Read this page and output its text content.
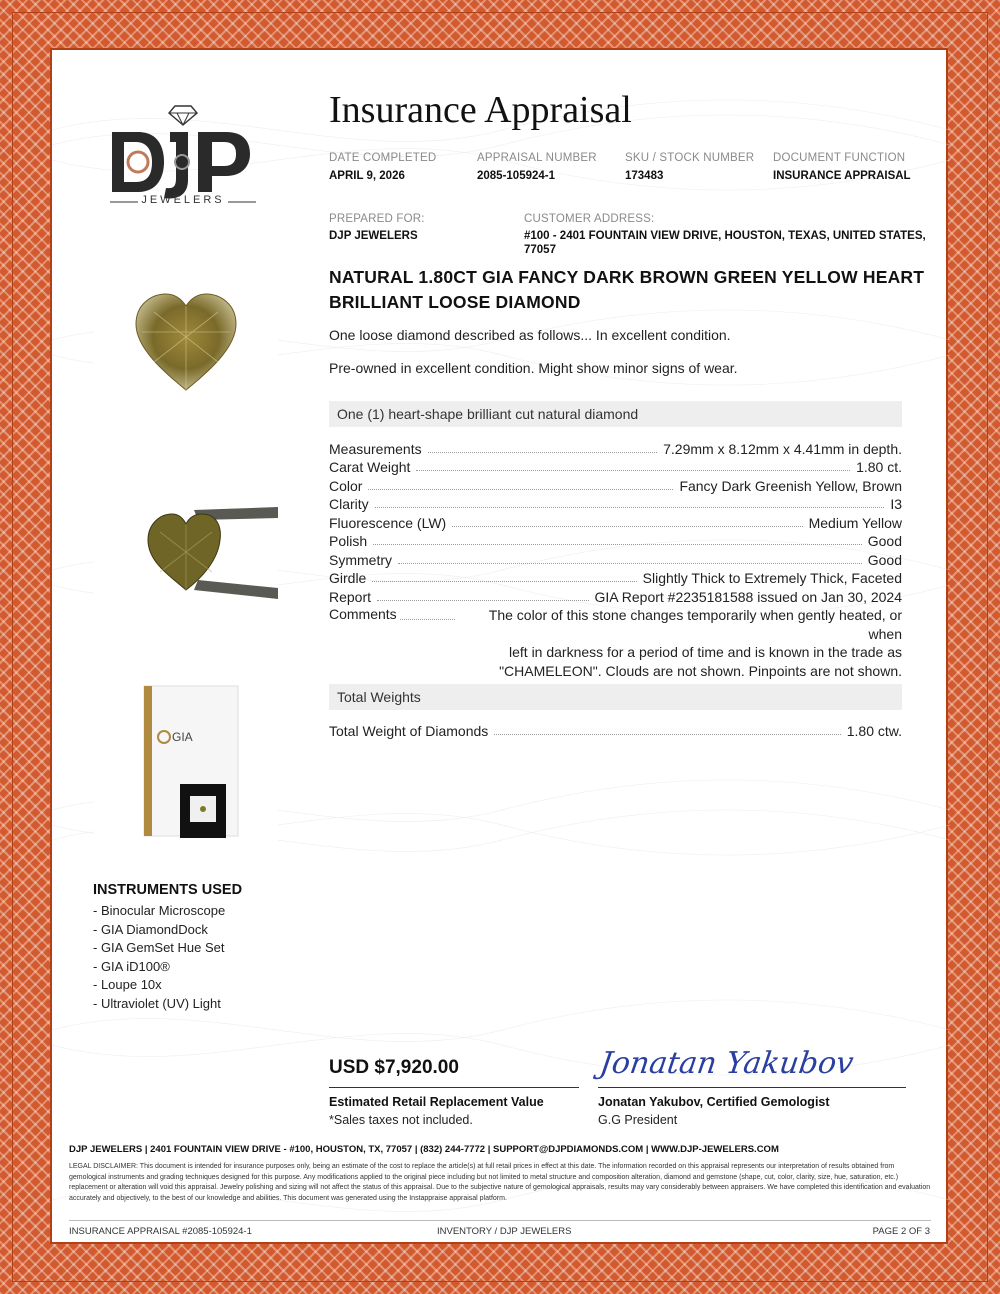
JEWELERS
Insurance Appraisal
DATE COMPLETED
APRIL 9, 2026
APPRAISAL NUMBER
2085-105924-1
SKU / STOCK NUMBER
173483
DOCUMENT FUNCTION
INSURANCE APPRAISAL
PREPARED FOR:
DJP JEWELERS
CUSTOMER ADDRESS:
#100 - 2401 FOUNTAIN VIEW DRIVE, HOUSTON, TEXAS, UNITED STATES,
77057
NATURAL 1.80CT GIA FANCY DARK BROWN GREEN YELLOW HEART
BRILLIANT LOOSE DIAMOND
One loose diamond described as follows... In excellent condition.
Pre-owned in excellent condition. Might show minor signs of wear.
One (1) heart-shape brilliant cut natural diamond
Measurements	7.29mm x 8.12mm x 4.41mm in depth.
Carat Weight	1.80 ct.
Color	Fancy Dark Greenish Yellow, Brown
Clarity	I3
Fluorescence (LW)	Medium Yellow
Polish	Good
Symmetry	Good
Girdle	Slightly Thick to Extremely Thick, Faceted
Report	GIA Report #2235181588 issued on Jan 30, 2024
Comments	The color of this stone changes temporarily when gently heated, or when
left in darkness for a period of time and is known in the trade as
"CHAMELEON". Clouds are not shown. Pinpoints are not shown.
Total Weights
Total Weight of Diamonds	1.80 ctw.
GIA
INSTRUMENTS USED
- Binocular Microscope
- GIA DiamondDock
- GIA GemSet Hue Set
- GIA iD100®
- Loupe 10x
- Ultraviolet (UV) Light
USD $7,920.00
Estimated Retail Replacement Value
*Sales taxes not included.
Jonatan Yakubov
Jonatan Yakubov, Certified Gemologist
G.G President
DJP JEWELERS | 2401 FOUNTAIN VIEW DRIVE - #100, HOUSTON, TX, 77057 | (832) 244-7772 | SUPPORT@DJPDIAMONDS.COM | WWW.DJP-JEWELERS.COM
LEGAL DISCLAIMER: This document is intended for insurance purposes only, being an estimate of the cost to replace the article(s) at full retail prices in effect at this date. The information recorded on this appraisal represents our interpretation of results obtained from gemological instruments and grading techniques designed for this purpose. Any modifications applied to the original piece including but not limited to metal structure and composition alteration, diamond and gemstone (shape, cut, color, clarity, size, hue, saturation, etc.) replacement or alteration will void this appraisal. Jewelry polishing and sizing will not affect the status of this appraisal. Due to the subjective nature of gemological appraisals, results may vary considerably between appraisers. We have completed this identification and evaluation accurately and objectively, to the best of our knowledge and abilities. This document was generated using the Instappraise appraisal platform.
INSURANCE APPRAISAL #2085-105924-1	INVENTORY / DJP JEWELERS	PAGE 2 OF 3
